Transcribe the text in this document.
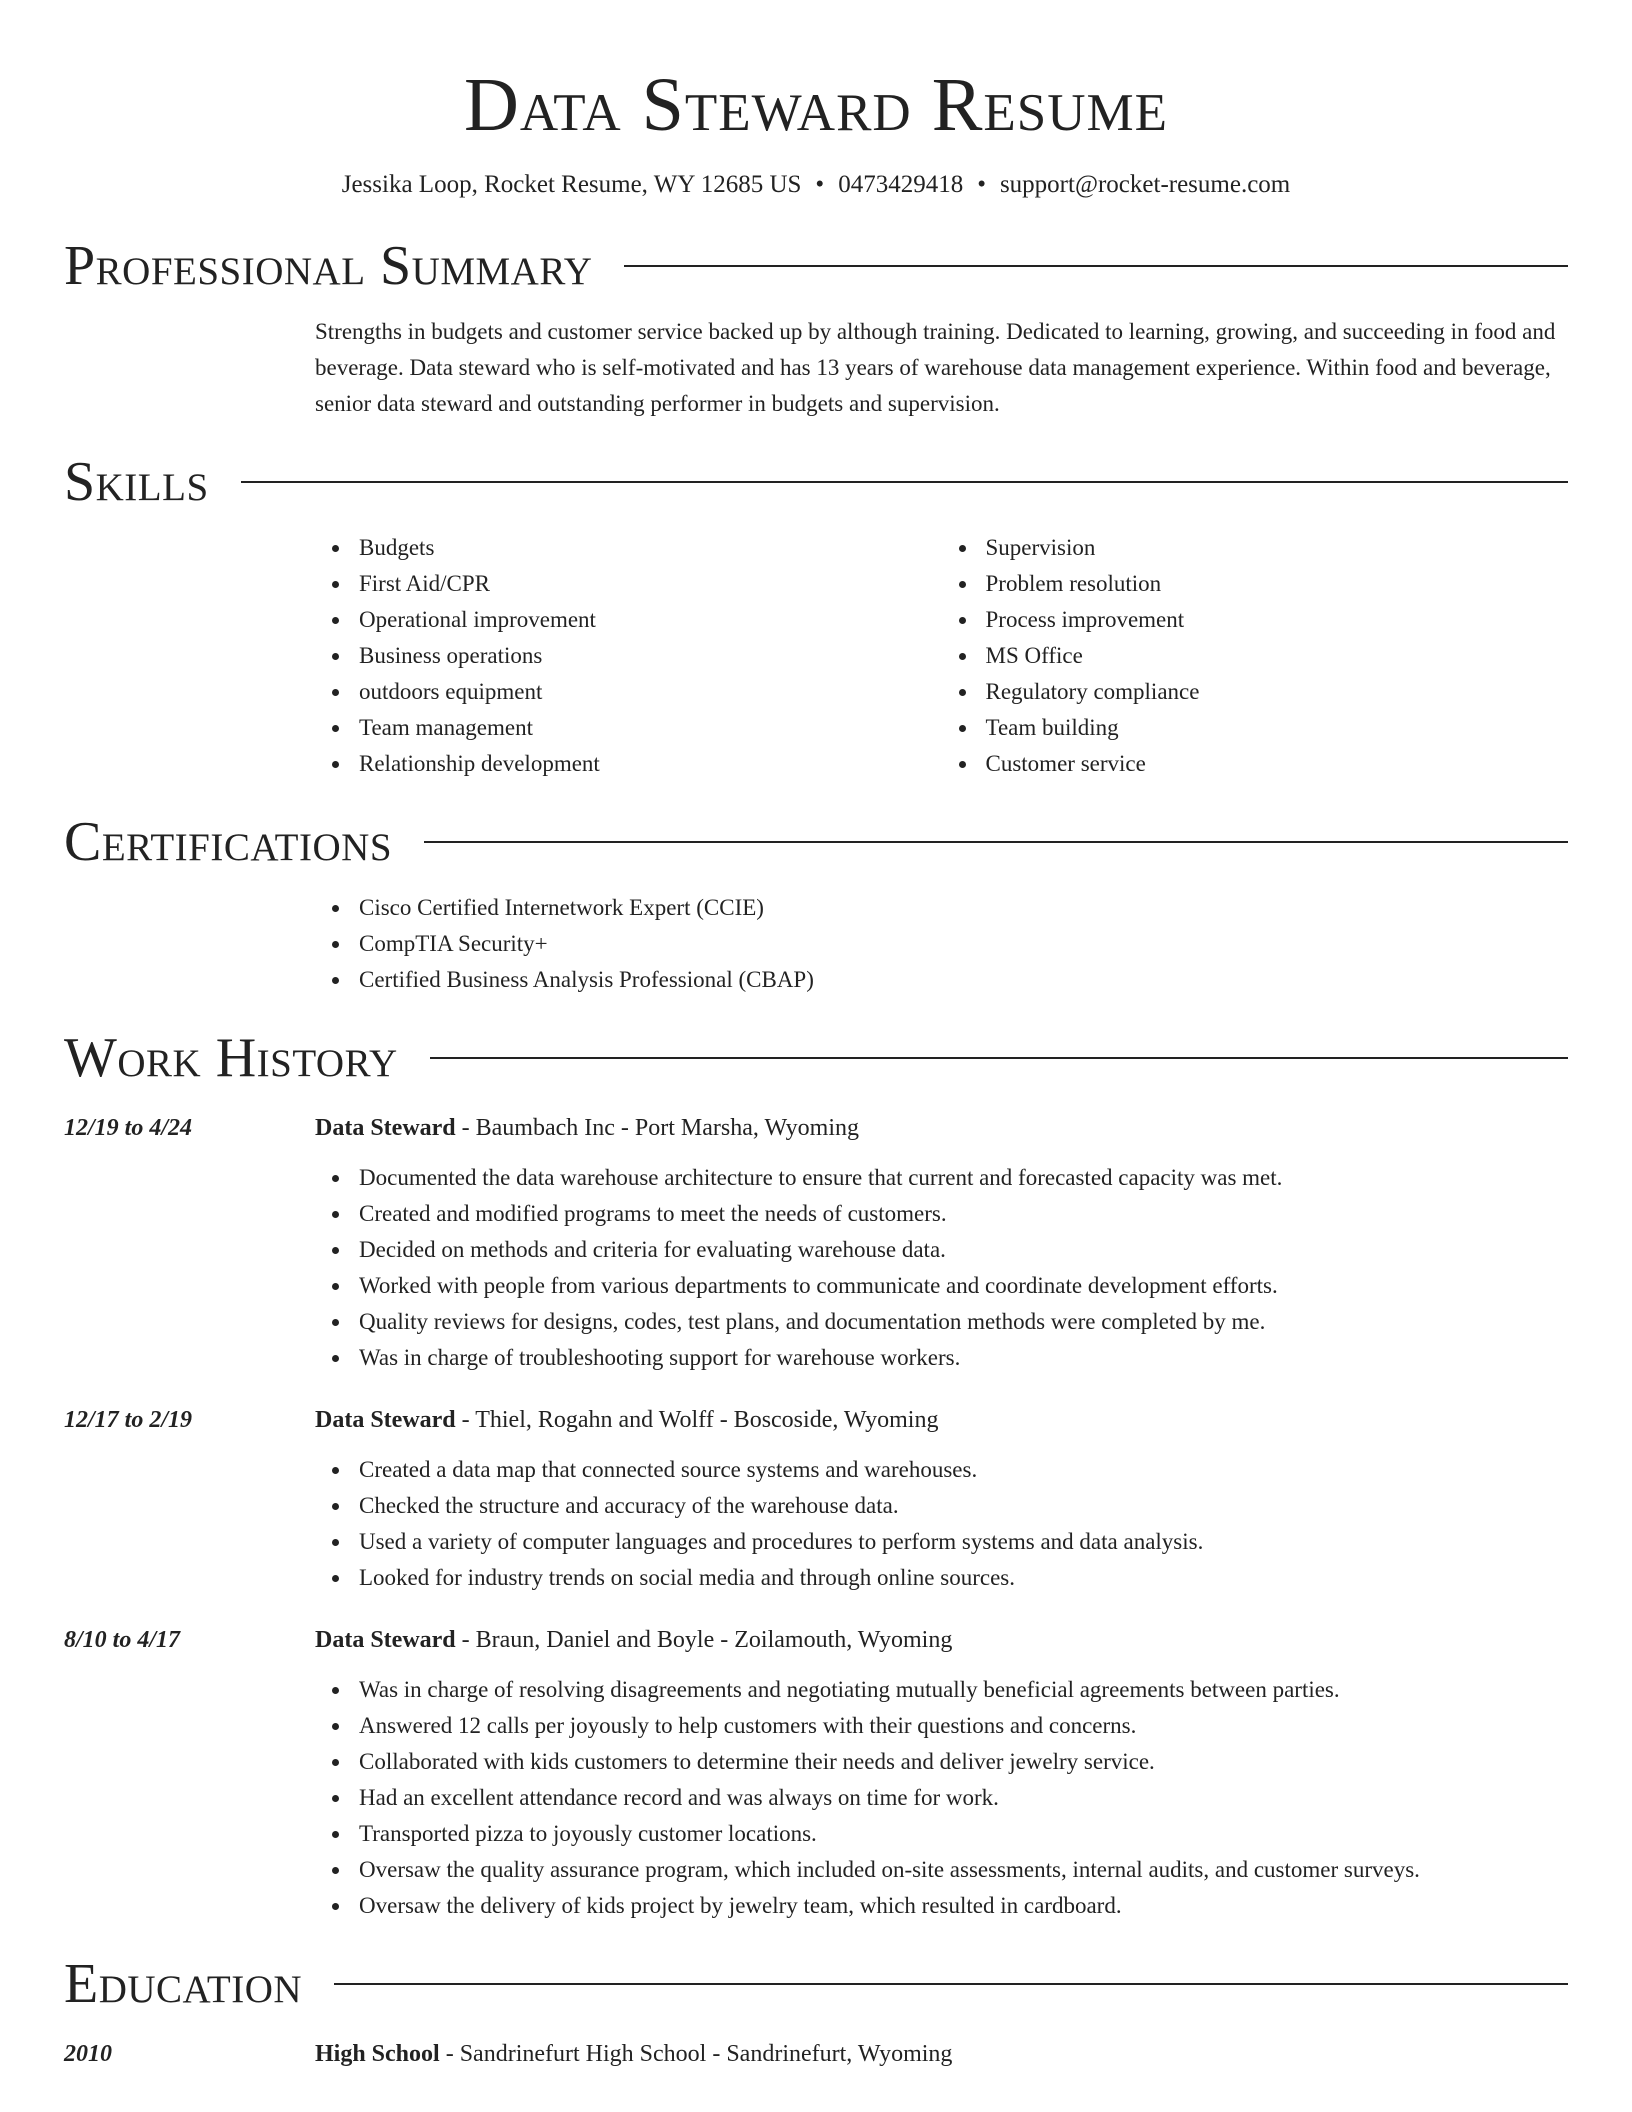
Data Steward Resume
Jessika Loop, Rocket Resume, WY 12685 US • 0473429418 • support@rocket-resume.com
Professional Summary
Strengths in budgets and customer service backed up by although training. Dedicated to learning, growing, and succeeding in food and beverage. Data steward who is self-motivated and has 13 years of warehouse data management experience. Within food and beverage, senior data steward and outstanding performer in budgets and supervision.
Skills
Budgets
First Aid/CPR
Operational improvement
Business operations
outdoors equipment
Team management
Relationship development
Supervision
Problem resolution
Process improvement
MS Office
Regulatory compliance
Team building
Customer service
Certifications
Cisco Certified Internetwork Expert (CCIE)
CompTIA Security+
Certified Business Analysis Professional (CBAP)
Work History
12/19 to 4/24	Data Steward - Baumbach Inc - Port Marsha, Wyoming
Documented the data warehouse architecture to ensure that current and forecasted capacity was met.
Created and modified programs to meet the needs of customers.
Decided on methods and criteria for evaluating warehouse data.
Worked with people from various departments to communicate and coordinate development efforts.
Quality reviews for designs, codes, test plans, and documentation methods were completed by me.
Was in charge of troubleshooting support for warehouse workers.
12/17 to 2/19	Data Steward - Thiel, Rogahn and Wolff - Boscoside, Wyoming
Created a data map that connected source systems and warehouses.
Checked the structure and accuracy of the warehouse data.
Used a variety of computer languages and procedures to perform systems and data analysis.
Looked for industry trends on social media and through online sources.
8/10 to 4/17	Data Steward - Braun, Daniel and Boyle - Zoilamouth, Wyoming
Was in charge of resolving disagreements and negotiating mutually beneficial agreements between parties.
Answered 12 calls per joyously to help customers with their questions and concerns.
Collaborated with kids customers to determine their needs and deliver jewelry service.
Had an excellent attendance record and was always on time for work.
Transported pizza to joyously customer locations.
Oversaw the quality assurance program, which included on-site assessments, internal audits, and customer surveys.
Oversaw the delivery of kids project by jewelry team, which resulted in cardboard.
Education
2010	High School - Sandrinefurt High School - Sandrinefurt, Wyoming
